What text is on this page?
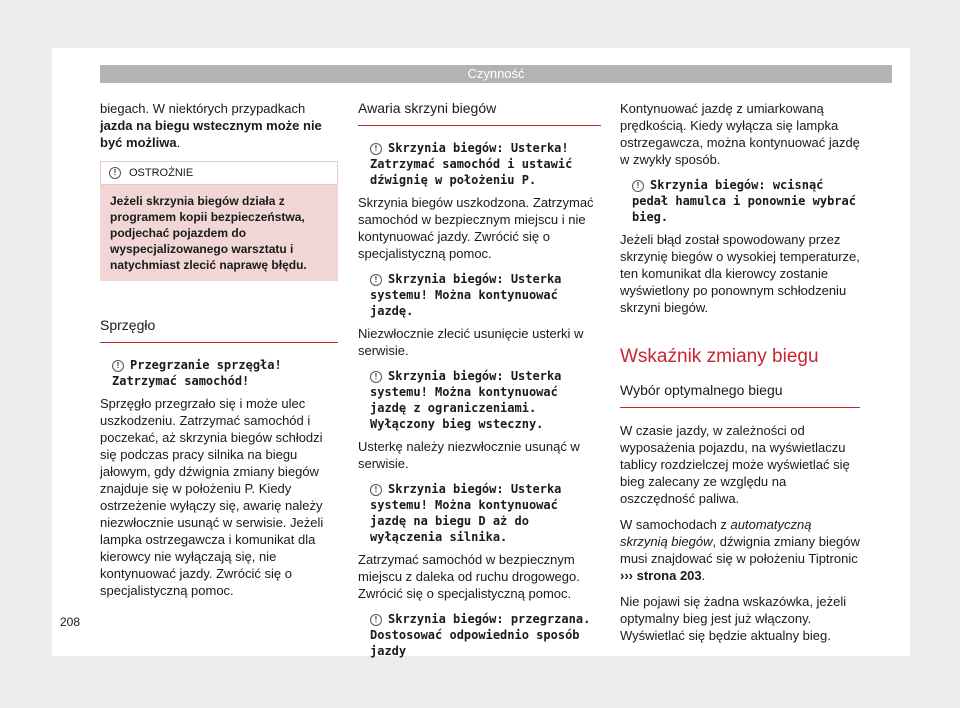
Czynność

biegach. W niektórych przypadkach jazda na biegu wstecznym może nie być możliwa.

!	OSTROŻNIE
Jeżeli skrzynia biegów działa z programem kopii bezpieczeństwa, podjechać pojazdem do wyspecjalizowanego warsztatu i natychmiast zlecić naprawę błędu.
Sprzęgło
! Przegrzanie sprzęgła! Zatrzymać samochód!

Sprzęgło przegrzało się i może ulec uszkodzeniu. Zatrzymać samochód i poczekać, aż skrzynia biegów schłodzi się podczas pracy silnika na biegu jałowym, gdy dźwignia zmiany biegów znajduje się w położeniu P. Kiedy ostrzeżenie wyłączy się, awarię należy niezwłocznie usunąć w serwisie. Jeżeli lampka ostrzegawcza i komunikat dla kierowcy nie wyłączają się, nie kontynuować jazdy. Zwrócić się o specjalistyczną pomoc.

Awaria skrzyni biegów
! Skrzynia biegów: Usterka! Zatrzymać samochód i ustawić dźwignię w położeniu P.

Skrzynia biegów uszkodzona. Zatrzymać samochód w bezpiecznym miejscu i nie kontynuować jazdy. Zwrócić się o specjalistyczną pomoc.

! Skrzynia biegów: Usterka systemu! Można kontynuować jazdę.

Niezwłocznie zlecić usunięcie usterki w serwisie.

! Skrzynia biegów: Usterka systemu! Można kontynuować jazdę z ograniczeniami. Wyłączony bieg wsteczny.

Usterkę należy niezwłocznie usunąć w serwisie.

! Skrzynia biegów: Usterka systemu! Można kontynuować jazdę na biegu D aż do wyłączenia silnika.

Zatrzymać samochód w bezpiecznym miejscu z daleka od ruchu drogowego. Zwrócić się o specjalistyczną pomoc.

! Skrzynia biegów: przegrzana. Dostosować odpowiednio sposób jazdy

Kontynuować jazdę z umiarkowaną prędkością. Kiedy wyłącza się lampka ostrzegawcza, można kontynuować jazdę w zwykły sposób.

! Skrzynia biegów: wcisnąć pedał hamulca i ponownie wybrać bieg.

Jeżeli błąd został spowodowany przez skrzynię biegów o wysokiej temperaturze, ten komunikat dla kierowcy zostanie wyświetlony po ponownym schłodzeniu skrzyni biegów.

Wskaźnik zmiany biegu
Wybór optymalnego biegu

W czasie jazdy, w zależności od wyposażenia pojazdu, na wyświetlaczu tablicy rozdzielczej może wyświetlać się bieg zalecany ze względu na oszczędność paliwa.

W samochodach z automatyczną skrzynią biegów, dźwignia zmiany biegów musi znajdować się w położeniu Tiptronic ››› strona 203.

Nie pojawi się żadna wskazówka, jeżeli optymalny bieg jest już włączony. Wyświetlać się będzie aktualny bieg.

208
